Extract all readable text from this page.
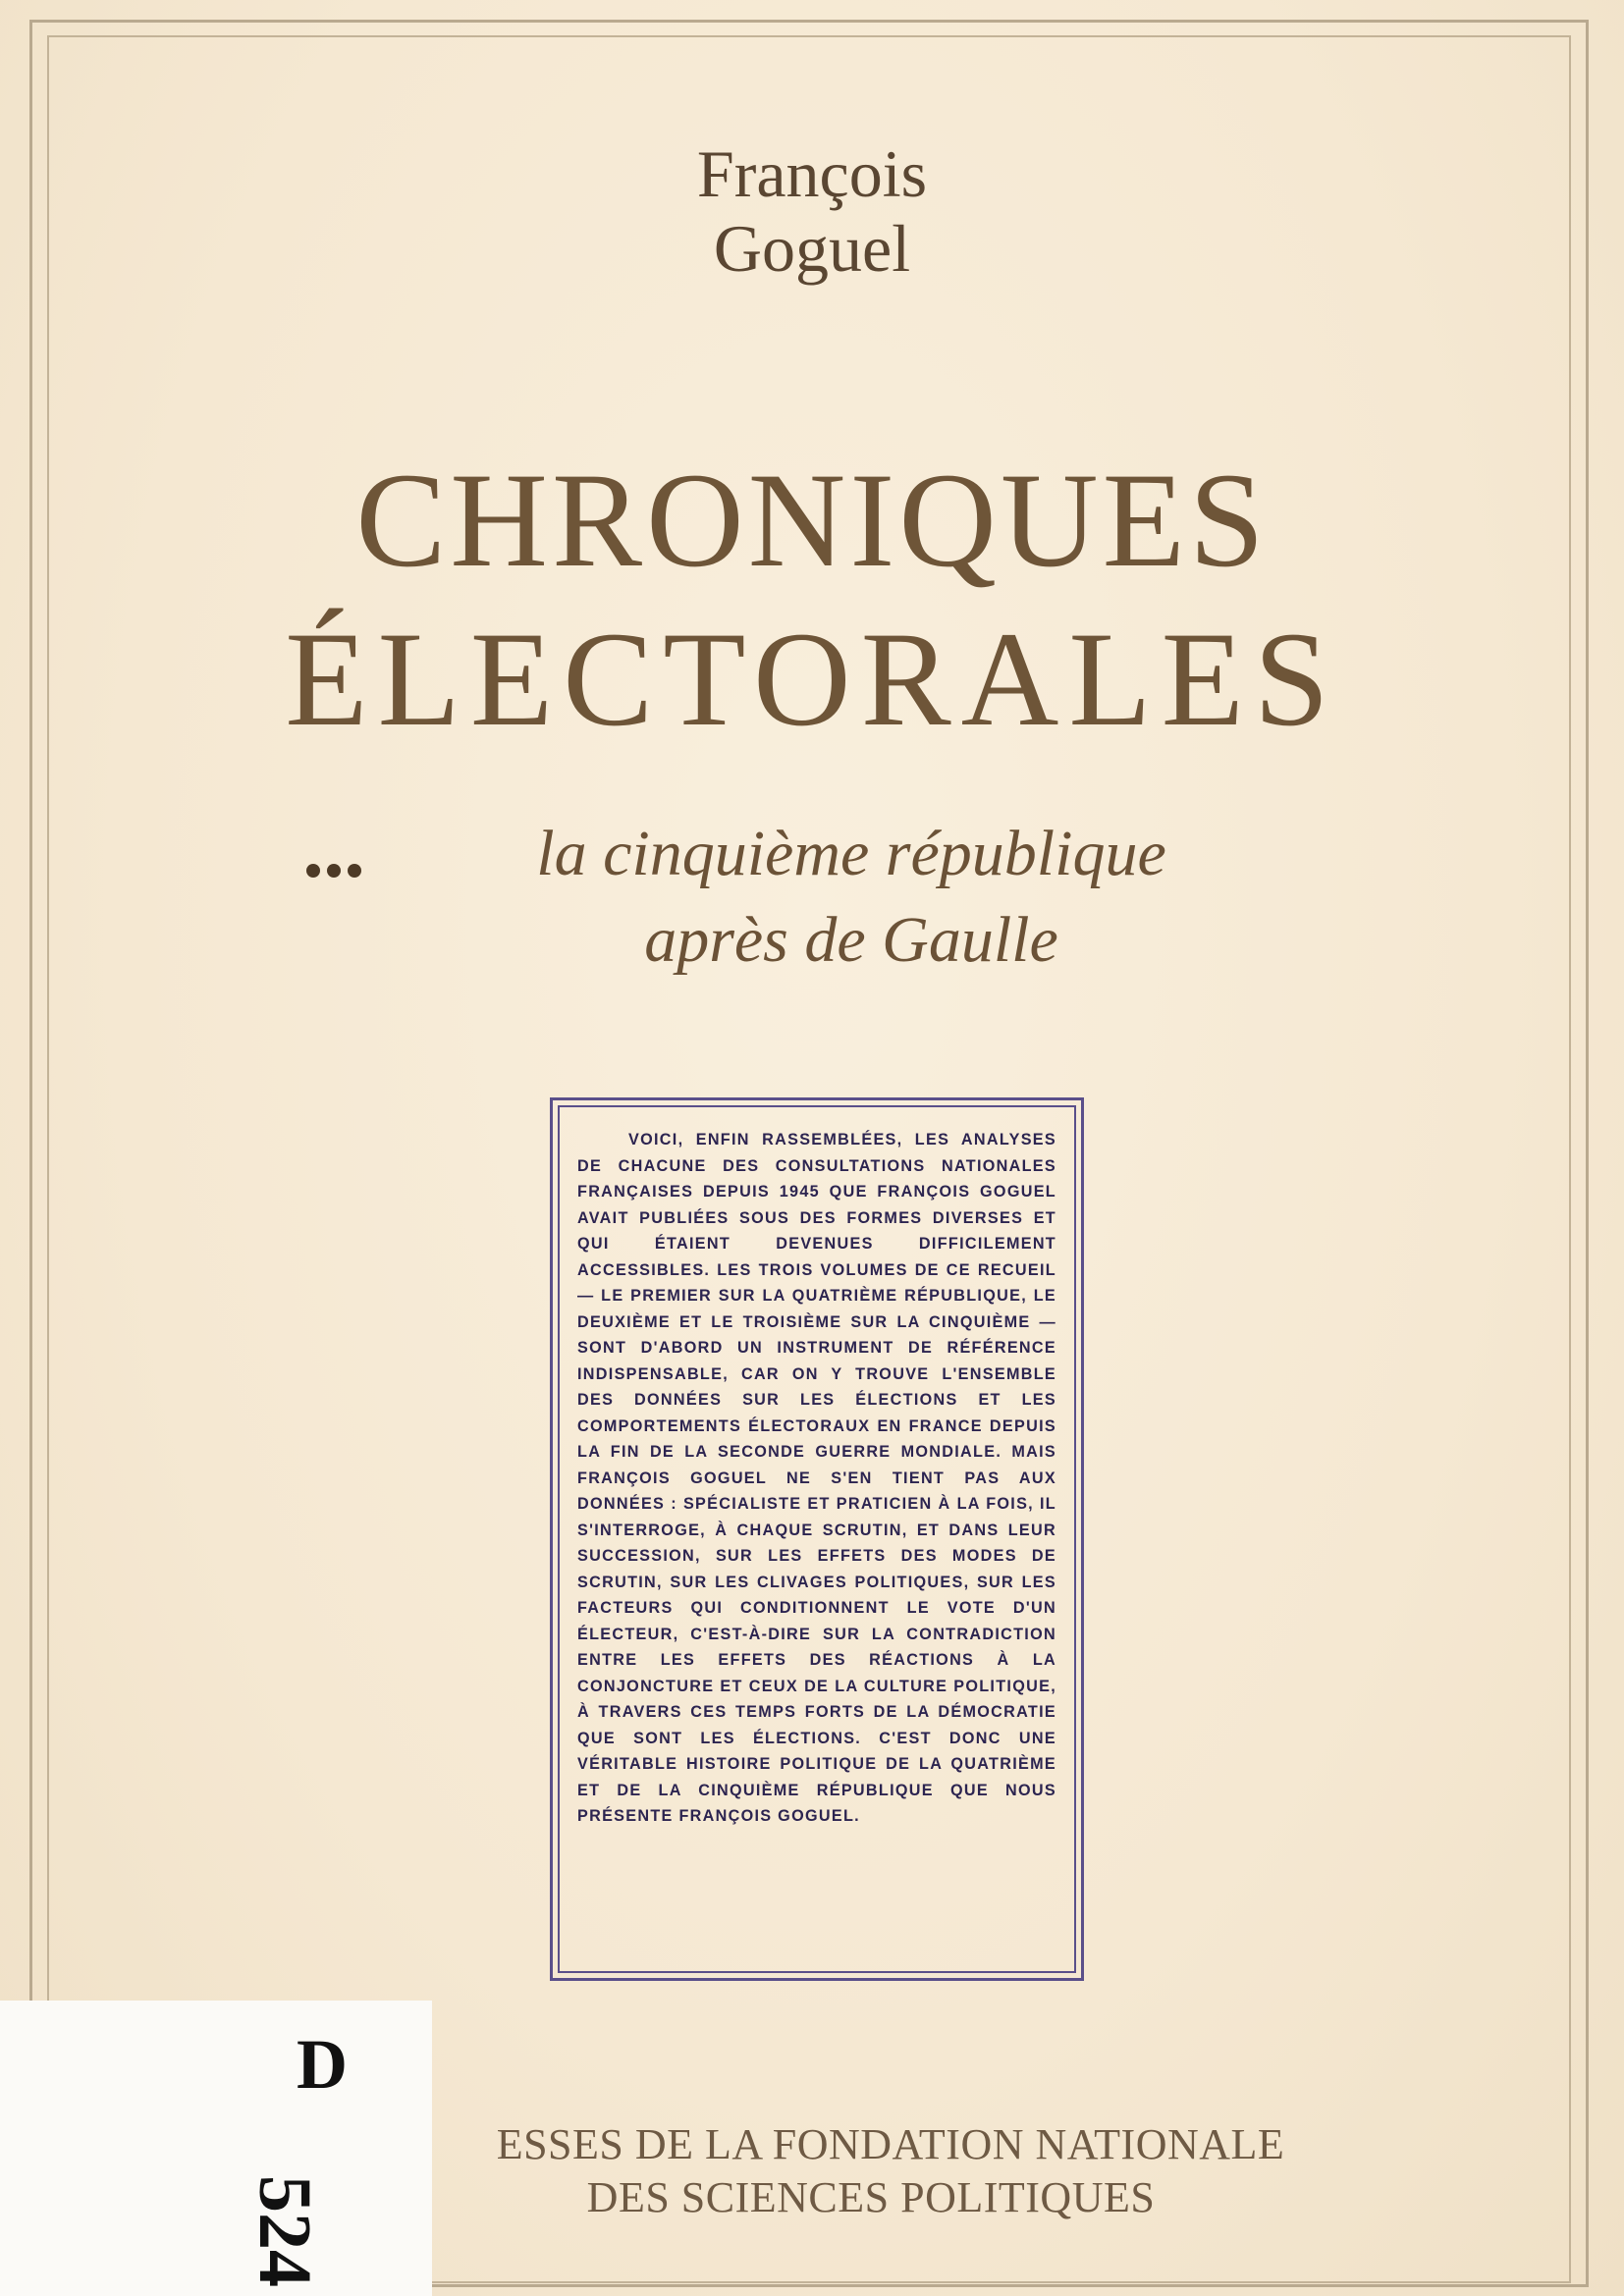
François
Goguel
CHRONIQUES
ÉLECTORALES
la cinquième république
après de Gaulle

VOICI, ENFIN RASSEMBLÉES, LES ANALYSES DE CHACUNE DES CONSULTATIONS NATIONALES FRANÇAISES DEPUIS 1945 QUE FRANÇOIS GOGUEL AVAIT PUBLIÉES SOUS DES FORMES DIVERSES ET QUI ÉTAIENT DEVENUES DIFFICILEMENT ACCESSIBLES. LES TROIS VOLUMES DE CE RECUEIL — LE PREMIER SUR LA QUATRIÈME RÉPUBLIQUE, LE DEUXIÈME ET LE TROISIÈME SUR LA CINQUIÈME — SONT D'ABORD UN INSTRUMENT DE RÉFÉRENCE INDISPENSABLE, CAR ON Y TROUVE L'ENSEMBLE DES DONNÉES SUR LES ÉLECTIONS ET LES COMPORTEMENTS ÉLECTORAUX EN FRANCE DEPUIS LA FIN DE LA SECONDE GUERRE MONDIALE. MAIS FRANÇOIS GOGUEL NE S'EN TIENT PAS AUX DONNÉES : SPÉCIALISTE ET PRATICIEN À LA FOIS, IL S'INTERROGE, À CHAQUE SCRUTIN, ET DANS LEUR SUCCESSION, SUR LES EFFETS DES MODES DE SCRUTIN, SUR LES CLIVAGES POLITIQUES, SUR LES FACTEURS QUI CONDITIONNENT LE VOTE D'UN ÉLECTEUR, C'EST-À-DIRE SUR LA CONTRADICTION ENTRE LES EFFETS DES RÉACTIONS À LA CONJONCTURE ET CEUX DE LA CULTURE POLITIQUE, À TRAVERS CES TEMPS FORTS DE LA DÉMOCRATIE QUE SONT LES ÉLECTIONS. C'EST DONC UNE VÉRITABLE HISTOIRE POLITIQUE DE LA QUATRIÈME ET DE LA CINQUIÈME RÉPUBLIQUE QUE NOUS PRÉSENTE FRANÇOIS GOGUEL.

ESSES DE LA FONDATION NATIONALE
DES SCIENCES POLITIQUES
D
524
